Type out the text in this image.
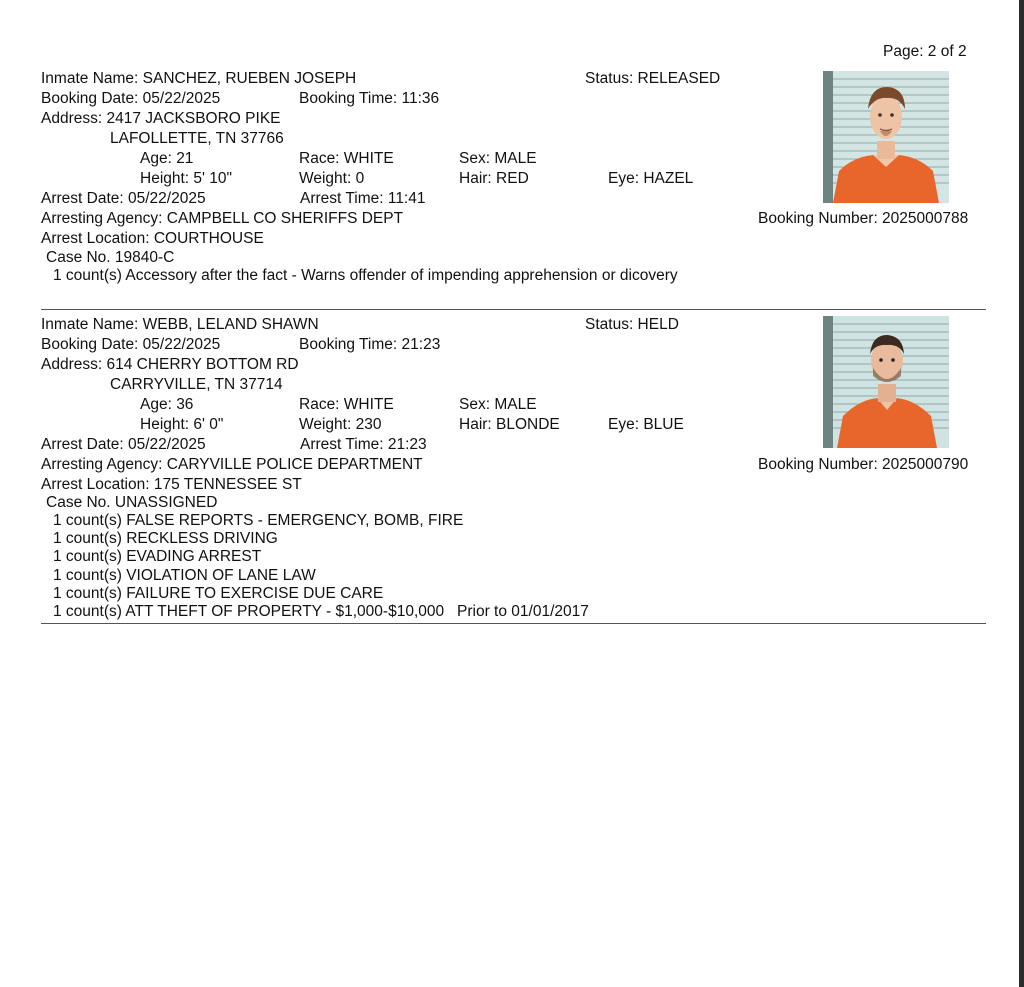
Page: 2 of 2
Inmate Name: SANCHEZ, RUEBEN JOSEPH	Status: RELEASED
Booking Date: 05/22/2025	Booking Time: 11:36
Address: 2417 JACKSBORO PIKE
LAFOLLETTE, TN 37766
Age: 21	Race: WHITE	Sex: MALE
Height: 5' 10"	Weight: 0	Hair: RED	Eye: HAZEL
Arrest Date: 05/22/2025	Arrest Time: 11:41
Arresting Agency: CAMPBELL CO SHERIFFS DEPT	Booking Number: 2025000788
Arrest Location: COURTHOUSE
Case No. 19840-C
1 count(s) Accessory after the fact - Warns offender of impending apprehension or dicovery
Inmate Name: WEBB, LELAND SHAWN	Status: HELD
Booking Date: 05/22/2025	Booking Time: 21:23
Address: 614 CHERRY BOTTOM RD
CARRYVILLE, TN 37714
Age: 36	Race: WHITE	Sex: MALE
Height: 6' 0"	Weight: 230	Hair: BLONDE	Eye: BLUE
Arrest Date: 05/22/2025	Arrest Time: 21:23
Arresting Agency: CARYVILLE POLICE DEPARTMENT	Booking Number: 2025000790
Arrest Location: 175 TENNESSEE ST
Case No. UNASSIGNED
1 count(s) FALSE REPORTS - EMERGENCY, BOMB, FIRE
1 count(s) RECKLESS DRIVING
1 count(s) EVADING ARREST
1 count(s) VIOLATION OF LANE LAW
1 count(s) FAILURE TO EXERCISE DUE CARE
1 count(s) ATT THEFT OF PROPERTY - $1,000-$10,000   Prior to 01/01/2017
